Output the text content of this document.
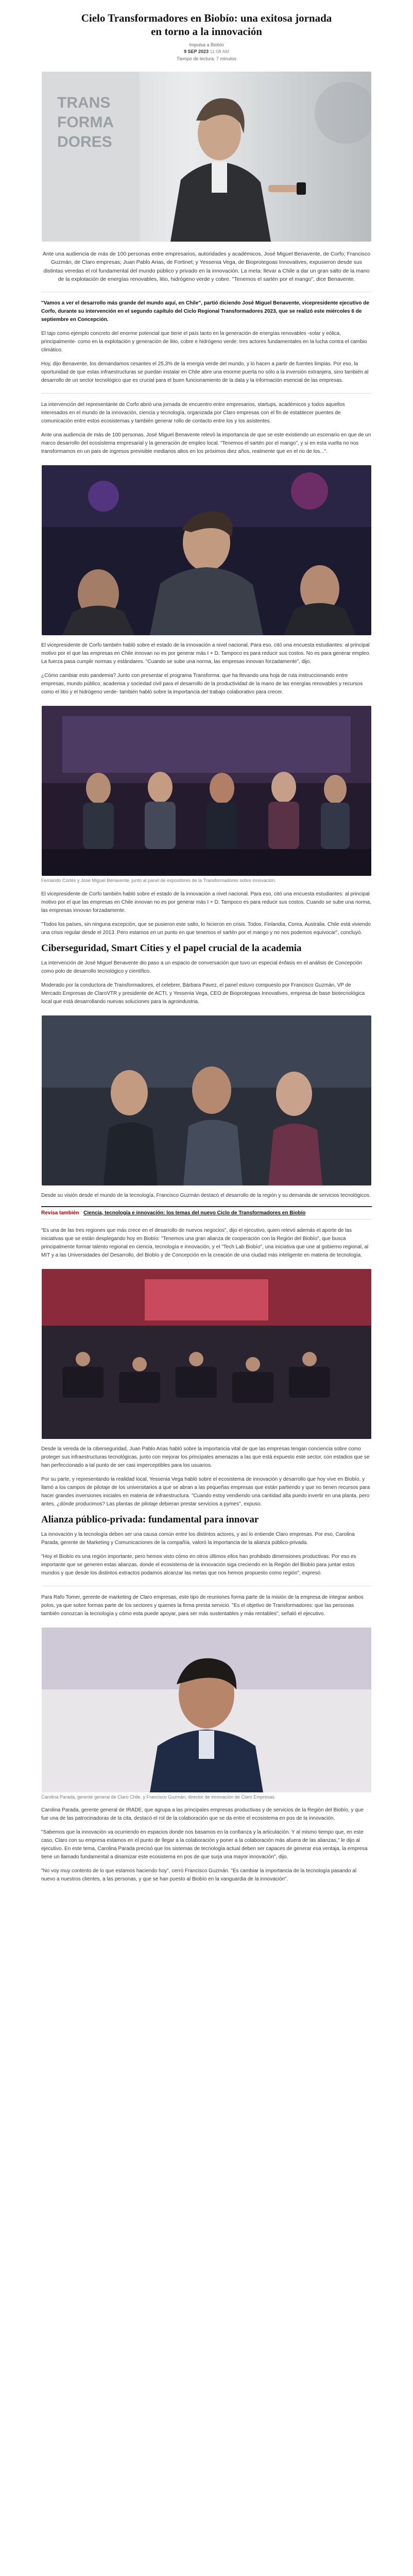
Cielo Transformadores en Biobío: una exitosa jornada en torno a la innovación
Impulsa a Biobío
9 SEP 2023 11:08 AM
Tiempo de lectura: 7 minutos
TRANS
FORMA
DORES

Ante una audiencia de más de 100 personas entre empresarios, autoridades y académicos, José Miguel Benavente, de Corfo; Francisco Guzmán, de Claro empresas; Juan Pablo Arias, de Fortinet; y Yessenia Vega, de Bioprotegoas Innovatives, expusieron desde sus distintas veredas el rol fundamental del mundo público y privado en la innovación. La meta: llevar a Chile a dar un gran salto de la mano de la explotación de energías renovables, litio, hidrógeno verde y cobre. "Tenemos el sartén por el mango", dice Benavente.

"Vamos a ver el desarrollo más grande del mundo aquí, en Chile", partió diciendo José Miguel Benavente, vicepresidente ejecutivo de Corfo, durante su intervención en el segundo capítulo del Ciclo Regional Transformadores 2023, que se realizó este miércoles 6 de septiembre en Concepción.

El tajo como ejemplo concreto del enorme potencial que tiene el país tanto en la generación de energías renovables -solar y eólica, principalmente- como en la explotación y generación de litio, cobre e hidrógeno verde: tres actores fundamentales en la lucha contra el cambio climático.

Hoy, dijo Benavente, los demandamos cesantes el 25,3% de la energía verde del mundo, y lo hacen a partir de fuentes limpias. Por eso, la oportunidad de que estas infraestructuras se puedan instalar en Chile abre una enorme puerta no sólo a la inversión extranjera, sino también al desarrollo de un sector tecnológico que es crucial para el buen funcionamiento de la data y la información esencial de las empresas.

La intervención del representante de Corfo abrió una jornada de encuentro entre empresarios, startups, académicos y todos aquellos interesados en el mundo de la innovación, ciencia y tecnología, organizada por Claro empresas con el fin de establecer puentes de comunicación entre estos ecosistemas y también generar rollo de contacto entre los y los asistentes.

Ante una audiencia de más de 100 personas, José Miguel Benavente relevó la importancia de que se este existiendo un escenario en que de un marco desarrollo del ecosistema empresarial y la generación de empleo local. "Tenemos el sartén por el mango", y si en esta vuelta no nos transformamos en un país de ingresos previsible medianos altos en los próximos diez años, realmente que en el rio de los...".

El vicepresidente de Corfo también habló sobre el estado de la innovación a nivel nacional. Para eso, citó una encuesta estudiantes: al principal motivo por el que las empresas en Chile innovan no es por generar más I + D. Tampoco es para reducir sus costos. No es para generar empleo. La fuerza pasa cumplir normas y estándares. "Cuando se sube una norma, las empresas innovan forzadamente", dijo.

¿Cómo cambiar esto pandemia? Junto con presentar el programa Transforma: que ha llevando una hoja de ruta instruccionando entre empresas, mundo público, academia y sociedad civil para el desarrollo de la productividad de la mano de las energías renovables y recursos como el litio y el hidrógeno verde- también habló sobre la importancia del trabajo colaborativo para crecer.

Fernando Cortés y José Miguel Benavente, junto al panel de expositores de la Transformadores sobre innovación.

El vicepresidente de Corfo también habló sobre el estado de la innovación a nivel nacional. Para eso, citó una encuesta estudiantes: al principal motivo por el que las empresas en Chile innovan no es por generar más I + D. Tampoco es para reducir sus costos. Cuando se sube una norma, las empresas innovan forzadamente.

"Todos los países, sin ninguna excepción, que se pusieron este salto, lo hicieron en crisis. Todos. Finlandia, Corea, Australia. Chile está viviendo una crisis regular desde el 2013. Pero estamos en un punto en que tenemos el sartén por el mango y no nos podemos equivocar", concluyó.

Ciberseguridad, Smart Cities y el papel crucial de la academia

La intervención de José Miguel Benavente dio paso a un espacio de conversación que tuvo un especial énfasis en el análisis de Concepción como polo de desarrollo tecnológico y científico.

Moderado por la conductora de Transformadores, el celebrer, Bárbara Pavez, el panel estuvo compuesto por Francisco Guzmán, VP de Mercado Empresas de ClaroVTR y presidente de ACTI, y Yessenia Vega, CEO de Bioprotegoas Innovatives, empresa de base biotecnológica local que está desarrollando nuevas soluciones para la agroindustria.

Desde su visión desde el mundo de la tecnología, Francisco Guzmán destacó el desarrollo de la región y su demanda de servicios tecnológicos.

Revisa también Ciencia, tecnología e innovación: los temas del nuevo Ciclo de Transformadores en Biobío

"Es una de las tres regiones que más crece en el desarrollo de nuevos negocios", dijo el ejecutivo, quien relevó además el aporte de las iniciativas que se están desplegando hoy en Biobío: "Tenemos una gran alianza de cooperación con la Región del Biobío", que busca principalmente formar talento regional en ciencia, tecnología e innovación, y el "Tech Lab Biobío", una iniciativa que une al gobierno regional, al MIT y a las Universidades del Desarrollo, del Biobío y de Concepción en la creación de una ciudad más inteligente en materia de tecnología.

Desde la vereda de la ciberseguridad, Juan Pablo Arias habló sobre la importancia vital de que las empresas tengan conciencia sobre como proteger sus infraestructuras tecnológicas, junto con mejorar los principales amenazas a las que está expuesto este sector, con estadios que se han perfeccionado a tal punto de ser casi imperceptibles para los usuarios.

Por su parte, y representando la realidad local, Yessenia Vega habló sobre el ecosistema de innovación y desarrollo que hoy vive en Biobío, y llamó a los campos de pilotaje de los universitarios a que se abran a las pequeñas empresas que están partiendo y que no tienen recursos para hacer grandes inversiones iniciales en materia de infraestructura. "Cuando estoy vendiendo una cantidad alta puedo invertir en una planta, pero antes, ¿dónde producimos? Las plantas de pilotaje debieran prestar servicios a pymes", expuso.

Alianza público-privada: fundamental para innovar

La innovación y la tecnología deben ser una causa común entre los distintos actores, y así lo entiende Claro empresas. Por eso, Carolina Parada, gerente de Marketing y Comunicaciones de la compañía, valoró la importancia de la alianza público-privada.

"Hoy el Biobío es una región importante, pero hemos visto cómo en otros últimos ellos han prohibido dimensiones productivas. Por eso es importante que se generen estas alianzas, donde el ecosistema de la innovación siga creciendo en la Región del Biobío para juntar estos mundos y que desde los distintos extractos podamos alcanzar las metas que nos hemos propuesto como región", expresó.

Para Rafo Tomer, gerente de marketing de Claro empresas, este tipo de reuniones forma parte de la misión de la empresa de integrar ambos polos, ya que sobre formas parte de los sectores y quienes la firma presta servicio. "Es el objetivo de Transformadores: que las personas también conozcan la tecnología y cómo esta puede apoyar, para ser más sustentables y más rentables", señaló el ejecutivo.

Carolina Parada, gerente general de Claro Chile, y Francisco Guzmán, director de innovación de Claro Empresas.

Carolina Parada, gerente general de IRADE, que agrupa a las principales empresas productivas y de servicios de la Región del Biobío, y que fue una de las patrocinadoras de la cita, destacó el rol de la colaboración que se da entre el ecosistema en pos de la innovación.

"Sabemos que la innovación va ocurriendo en espacios donde nos basamos en la confianza y la articulación. Y al mismo tiempo que, en este caso, Claro con su empresa estamos en el punto de llegar a la colaboración y poner a la colaboración más afuera de las alianzas," le dijo al ejecutivo. En este tema, Carolina Parada precisó que los sistemas de tecnología actual deben ser capaces de generar esa ventaja, la empresa tiene un llamado fundamental a dinamizar este ecosistema en pos de que surja una mayor innovación", dijo.

"No voy muy contento de lo que estamos haciendo hoy", cerró Francisco Guzmán. "Es cambiar la importancia de la tecnología pasando al nuevo a nuestros clientes, a las personas, y que se han puesto al Biobío en la vanguardia de la innovación".
